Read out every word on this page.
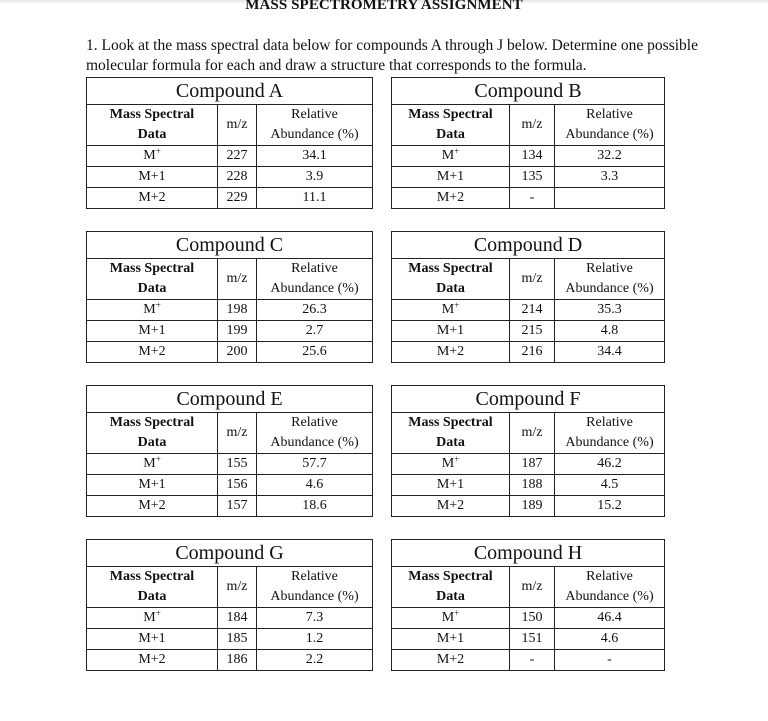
MASS SPECTROMETRY ASSIGNMENT
1. Look at the mass spectral data below for compounds A through J below. Determine one possible
molecular formula for each and draw a structure that corresponds to the formula.
Compound A		
Mass Spectral
Data	m/z	Relative
Abundance (%)
M+	227	34.1
M+1	228	3.9
M+2	229	11.1
Compound B		
Mass Spectral
Data	m/z	Relative
Abundance (%)
M+	134	32.2
M+1	135	3.3
M+2	-	
Compound C		
Mass Spectral
Data	m/z	Relative
Abundance (%)
M+	198	26.3
M+1	199	2.7
M+2	200	25.6
Compound D		
Mass Spectral
Data	m/z	Relative
Abundance (%)
M+	214	35.3
M+1	215	4.8
M+2	216	34.4
Compound E		
Mass Spectral
Data	m/z	Relative
Abundance (%)
M+	155	57.7
M+1	156	4.6
M+2	157	18.6
Compound F		
Mass Spectral
Data	m/z	Relative
Abundance (%)
M+	187	46.2
M+1	188	4.5
M+2	189	15.2
Compound G		
Mass Spectral
Data	m/z	Relative
Abundance (%)
M+	184	7.3
M+1	185	1.2
M+2	186	2.2
Compound H		
Mass Spectral
Data	m/z	Relative
Abundance (%)
M+	150	46.4
M+1	151	4.6
M+2	-	-
